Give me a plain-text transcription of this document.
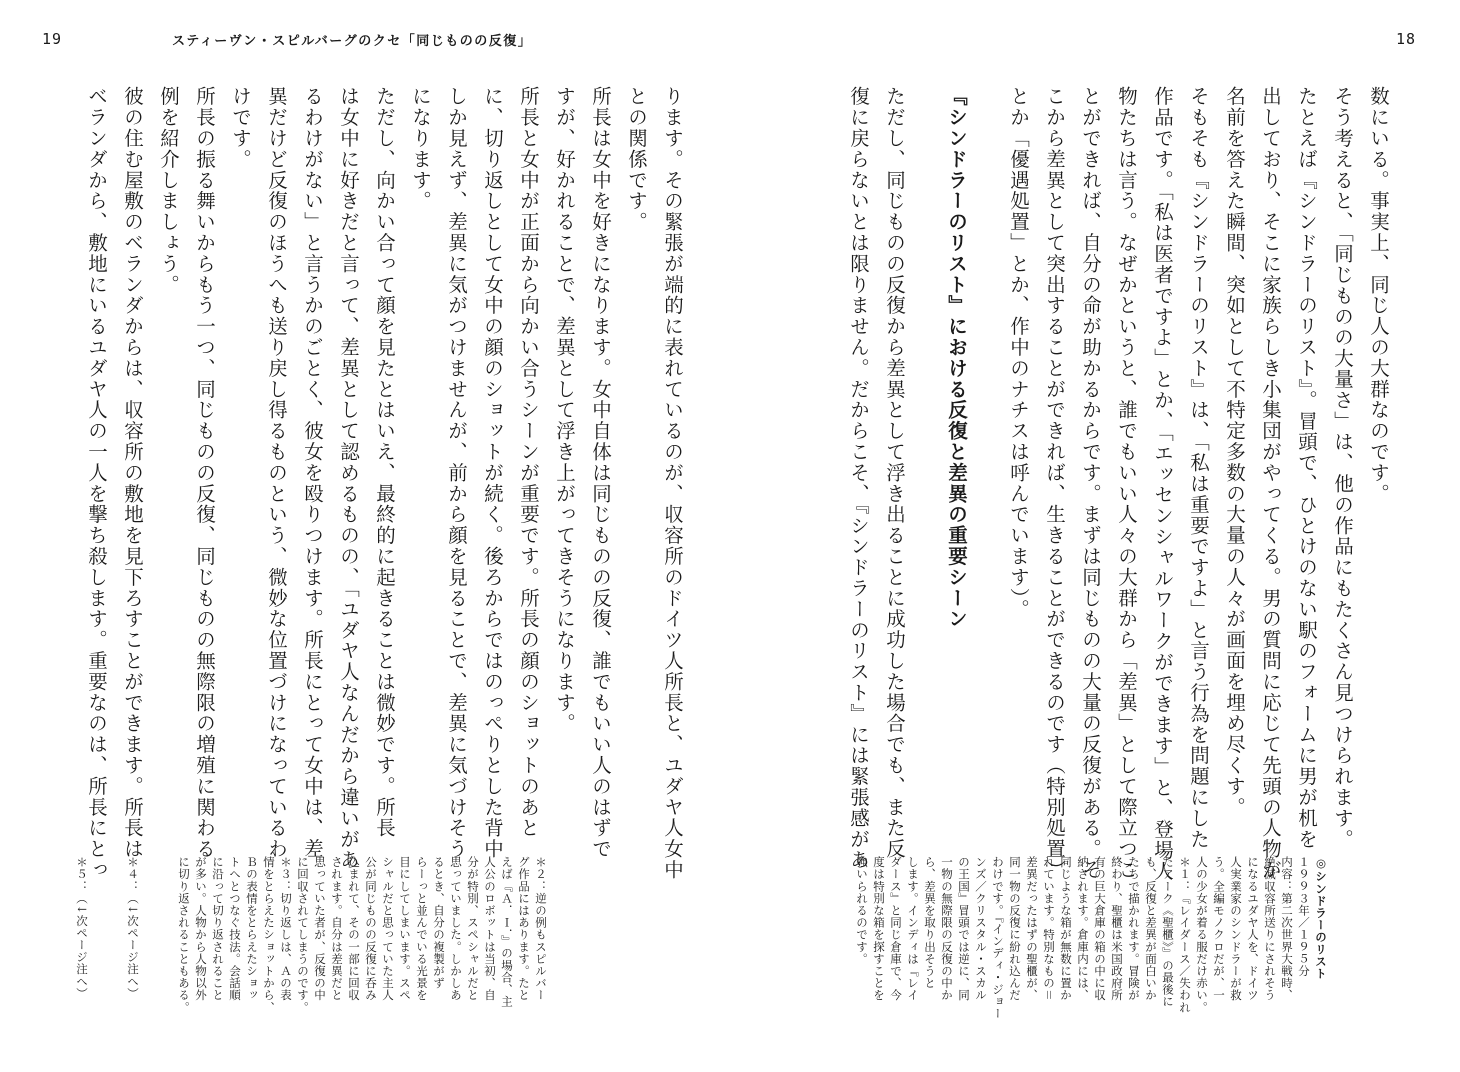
19	スティーヴン・スピルバーグのクセ「同じものの反復」	18
数にいる。事実上、同じ人の大群なのです。
そう考えると、「同じものの大量さ」は、他の作品にもたくさん見つけられます。
たとえば『シンドラーのリスト』。冒頭で、ひとけのない駅のフォームに男が机を
出しており、そこに家族らしき小集団がやってくる。男の質問に応じて先頭の人物が
名前を答えた瞬間、突如として不特定多数の大量の人々が画面を埋め尽くす。
そもそも『シンドラーのリスト』は、「私は重要ですよ」と言う行為を問題にした
作品です。「私は医者ですよ」とか、「エッセンシャルワークができます」と、登場人
物たちは言う。なぜかというと、誰でもいい人々の大群から「差異」として際立つこ
とができれば、自分の命が助かるからです。まずは同じものの大量の反復がある。そ
こから差異として突出することができれば、生きることができるのです（特別処置）
とか「優遇処置」とか、作中のナチスは呼んでいます）。
『シンドラーのリスト』における反復と差異の重要シーン
ただし、同じものの反復から差異として浮き出ることに成功した場合でも、また反
復に戻らないとは限りません。だからこそ、『シンドラーのリスト』には緊張感があ
◎シンドラーのリスト
１９９３年／１９５分
内容：第二次世界大戦時、
絶滅収容所送りにされそう
になるユダヤ人を、ドイツ
人実業家のシンドラーが救
う。全編モノクロだが、一
人の少女が着る服だけ赤い。
＊１：『レイダース／失われ
たアーク《聖櫃》』の最後に
も、反復と差異が面白いか
たちで描かれます。冒険が
終わり、聖櫃は米国政府所
有の巨大倉庫の箱の中に収
納されます。倉庫内には、
同じような箱が無数に置か
れています。特別なもの＝
差異だったはずの聖櫃が、
同一物の反復に紛れ込んだ
わけです。『インディ・ジョー
ンズ／クリスタル・スカル
の王国』冒頭では逆に、同
一物の無際限の反復の中か
ら、差異を取り出そうと
します。インディは『レイ
ダース』と同じ倉庫で、今
度は特別な箱を探すことを
強いられるのです。
ります。その緊張が端的に表れているのが、収容所のドイツ人所長と、ユダヤ人女中
との関係です。
所長は女中を好きになります。女中自体は同じものの反復、誰でもいい人のはずで
すが、好かれることで、差異として浮き上がってきそうになります。
所長と女中が正面から向かい合うシーンが重要です。所長の顔のショットのあと
に、切り返しとして女中の顔のショットが続く。後ろからではのっぺりとした背中
しか見えず、差異に気がつけませんが、前から顔を見ることで、差異に気づけそう
になります。
ただし、向かい合って顔を見たとはいえ、最終的に起きることは微妙です。所長
は女中に好きだと言って、差異として認めるものの、「ユダヤ人なんだから違いがあ
るわけがない」と言うかのごとく、彼女を殴りつけます。所長にとって女中は、差
異だけど反復のほうへも送り戻し得るものという、微妙な位置づけになっているわ
けです。
所長の振る舞いからもう一つ、同じものの反復、同じものの無際限の増殖に関わる
例を紹介しましょう。
彼の住む屋敷のベランダからは、収容所の敷地を見下ろすことができます。所長は
ベランダから、敷地にいるユダヤ人の一人を撃ち殺します。重要なのは、所長にとっ
＊２：逆の例もスピルバー
グ作品にはあります。たと
えば『Ａ．Ｉ．』の場合、主
人公のロボットは当初、自
分が特別、スペシャルだと
思っていました。しかしあ
るとき、自分の複製がず
らーっと並んでいる光景を
目にしてしまいます。スペ
シャルだと思っていた主人
公が同じものの反復に呑み
込まれて、その一部に回収
されます。自分は差異だと
思っていた者が、反復の中
に回収されてしまうのです。
＊３：切り返しは、Ａの表
情をとらえたショットから、
Ｂの表情をとらえたショッ
トへとつなぐ技法。会話順
に沿って切り返されること
が多い。人物から人物以外
に切り返されることもある。
＊４：（↓次ページ注へ）
＊５：（↓次ページ注へ）
